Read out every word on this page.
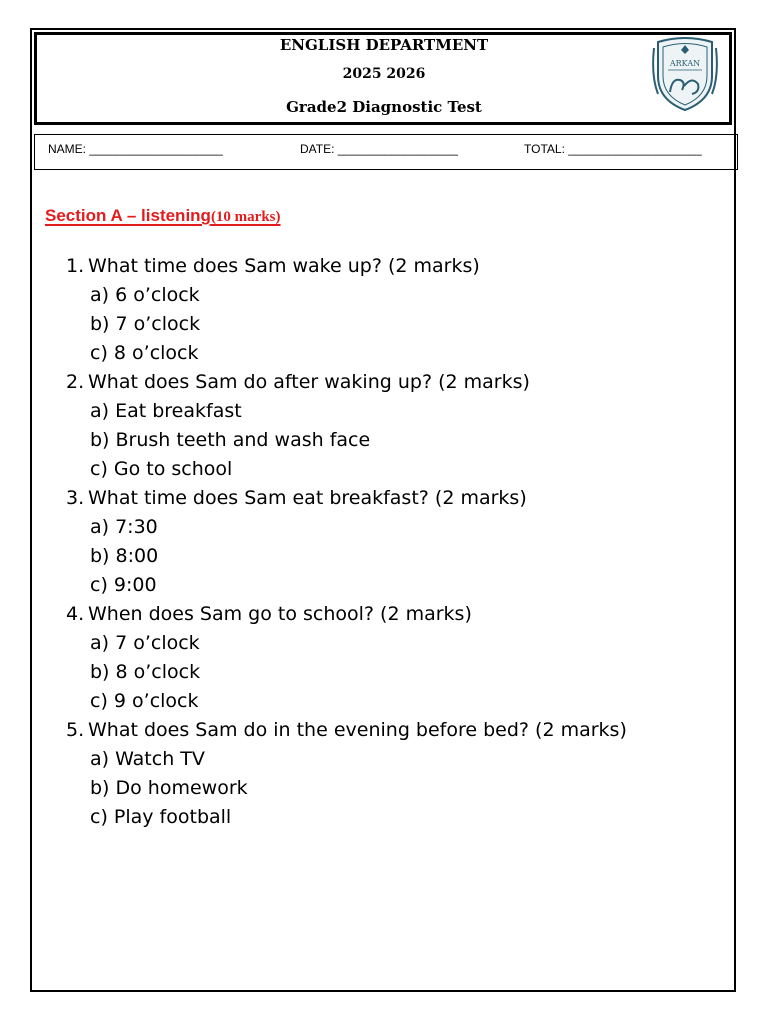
ENGLISH DEPARTMENT
2025 2026
Grade2 Diagnostic Test
ARKAN
NAME: ____________________	DATE: __________________	TOTAL: ____________________
Section A – listening(10 marks)
1. What time does Sam wake up? (2 marks)
a) 6 o’clock
b) 7 o’clock
c) 8 o’clock
2. What does Sam do after waking up? (2 marks)
a) Eat breakfast
b) Brush teeth and wash face
c) Go to school
3. What time does Sam eat breakfast? (2 marks)
a) 7:30
b) 8:00
c) 9:00
4. When does Sam go to school? (2 marks)
a) 7 o’clock
b) 8 o’clock
c) 9 o’clock
5. What does Sam do in the evening before bed? (2 marks)
a) Watch TV
b) Do homework
c) Play football
